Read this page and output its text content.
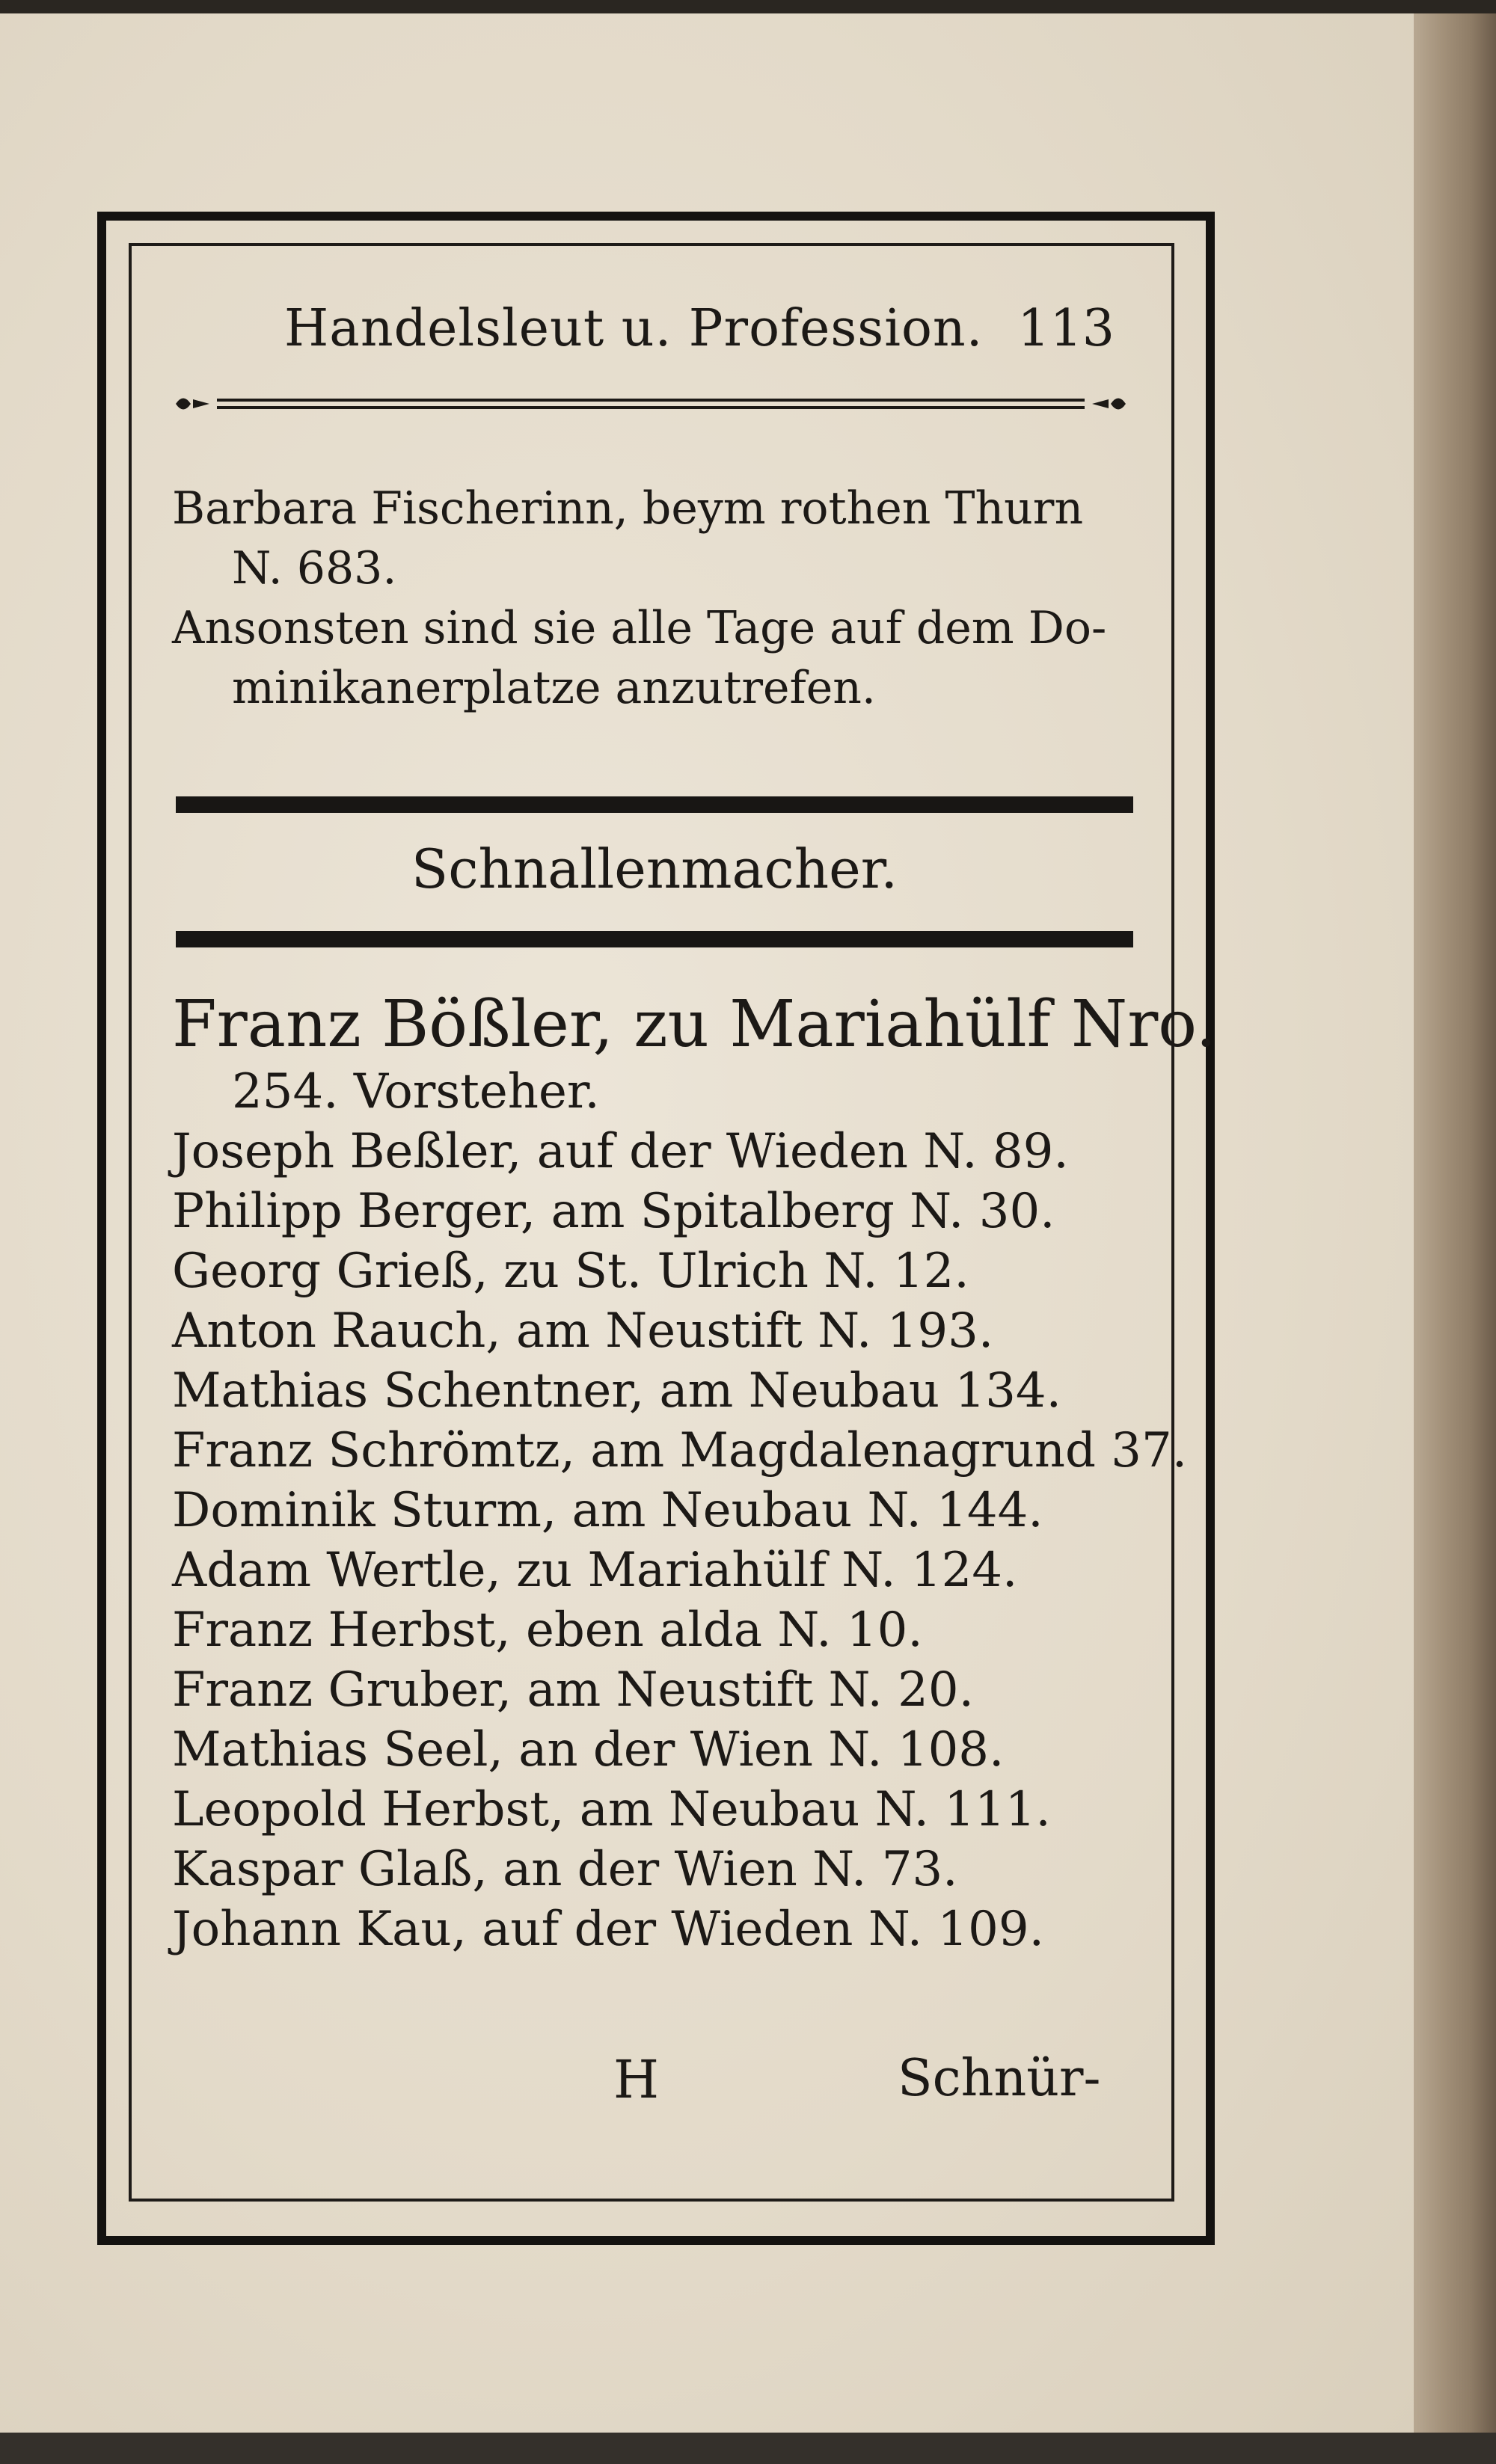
Handelsleut u. Profession. 113
Barbara Fischerinn, beym rothen Thurn
N. 683.
Ansonsten sind sie alle Tage auf dem Do-
minikanerplatze anzutrefen.
Schnallenmacher.
Franz Bößler, zu Mariahülf Nro.
254. Vorsteher.
Joseph Beßler, auf der Wieden N. 89.
Philipp Berger, am Spitalberg N. 30.
Georg Grieß, zu St. Ulrich N. 12.
Anton Rauch, am Neustift N. 193.
Mathias Schentner, am Neubau 134.
Franz Schrömtz, am Magdalenagrund 37.
Dominik Sturm, am Neubau N. 144.
Adam Wertle, zu Mariahülf N. 124.
Franz Herbst, eben alda N. 10.
Franz Gruber, am Neustift N. 20.
Mathias Seel, an der Wien N. 108.
Leopold Herbst, am Neubau N. 111.
Kaspar Glaß, an der Wien N. 73.
Johann Kau, auf der Wieden N. 109.
H	Schnür-
